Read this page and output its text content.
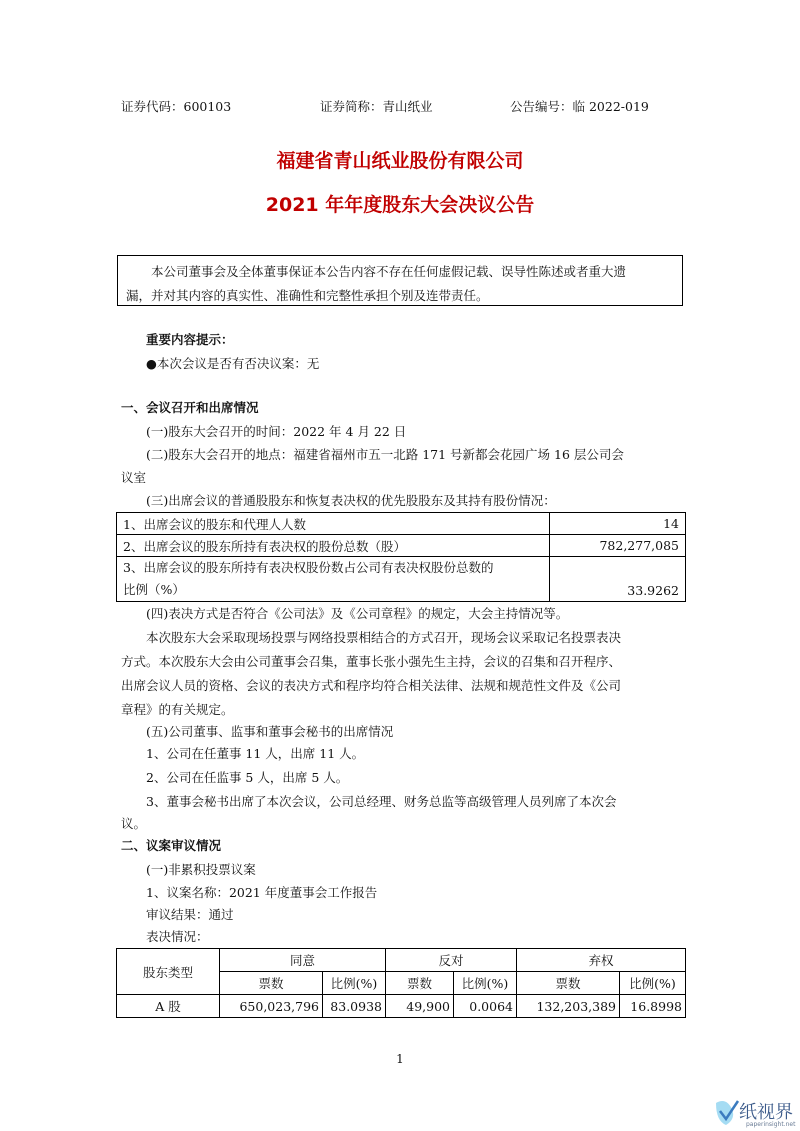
证券代码：600103	证券简称：青山纸业	公告编号：临 2022-019
福建省青山纸业股份有限公司
2021 年年度股东大会决议公告
本公司董事会及全体董事保证本公告内容不存在任何虚假记载、误导性陈述或者重大遗
漏，并对其内容的真实性、准确性和完整性承担个别及连带责任。
重要内容提示：
●本次会议是否有否决议案：无
一、会议召开和出席情况
(一)股东大会召开的时间：2022 年 4 月 22 日
(二)股东大会召开的地点：福建省福州市五一北路 171 号新都会花园广场 16 层公司会
议室
(三)出席会议的普通股股东和恢复表决权的优先股股东及其持有股份情况：
1、出席会议的股东和代理人人数	14
2、出席会议的股东所持有表决权的股份总数（股）	782,277,085

3、出席会议的股东所持有表决权股份数占公司有表决权股份总数的
比例（%）	33.9262
(四)表决方式是否符合《公司法》及《公司章程》的规定，大会主持情况等。
本次股东大会采取现场投票与网络投票相结合的方式召开，现场会议采取记名投票表决
方式。本次股东大会由公司董事会召集，董事长张小强先生主持，会议的召集和召开程序、
出席会议人员的资格、会议的表决方式和程序均符合相关法律、法规和规范性文件及《公司
章程》的有关规定。
(五)公司董事、监事和董事会秘书的出席情况
1、公司在任董事 11 人，出席 11 人。
2、公司在任监事 5 人，出席 5 人。
3、董事会秘书出席了本次会议，公司总经理、财务总监等高级管理人员列席了本次会
议。
二、议案审议情况
(一)非累积投票议案
1、议案名称：2021 年度董事会工作报告
审议结果：通过
表决情况：
股东类型	同意		反对		弃权	
	票数	比例(%)	票数	比例(%)	票数	比例(%)
A 股	650,023,796	83.0938	49,900	0.0064	132,203,389	16.8998
1
纸视界
paperinsight.net
